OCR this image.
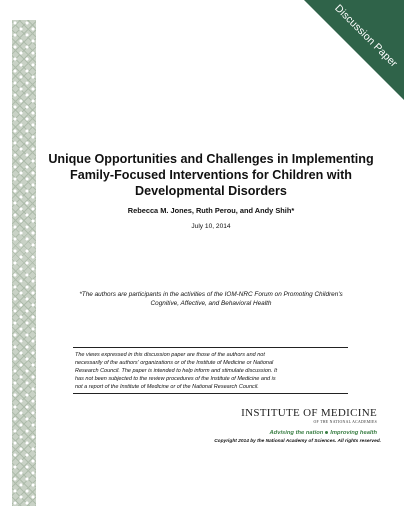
Discussion Paper
Unique Opportunities and Challenges in Implementing
Family-Focused Interventions for Children with
Developmental Disorders
Rebecca M. Jones, Ruth Perou, and Andy Shih*
July 10, 2014
*The authors are participants in the activities of the IOM-NRC Forum on Promoting Children's
Cognitive, Affective, and Behavioral Health

The views expressed in this discussion paper are those of the authors and not
necessarily of the authors' organizations or of the Institute of Medicine or National
Research Council. The paper is intended to help inform and stimulate discussion. It
has not been subjected to the review procedures of the Institute of Medicine and is
not a report of the Institute of Medicine or of the National Research Council.

INSTITUTE OF MEDICINE
OF THE NATIONAL ACADEMIES
Advising the nation Improving health
Copyright 2014 by the National Academy of Sciences. All rights reserved.
